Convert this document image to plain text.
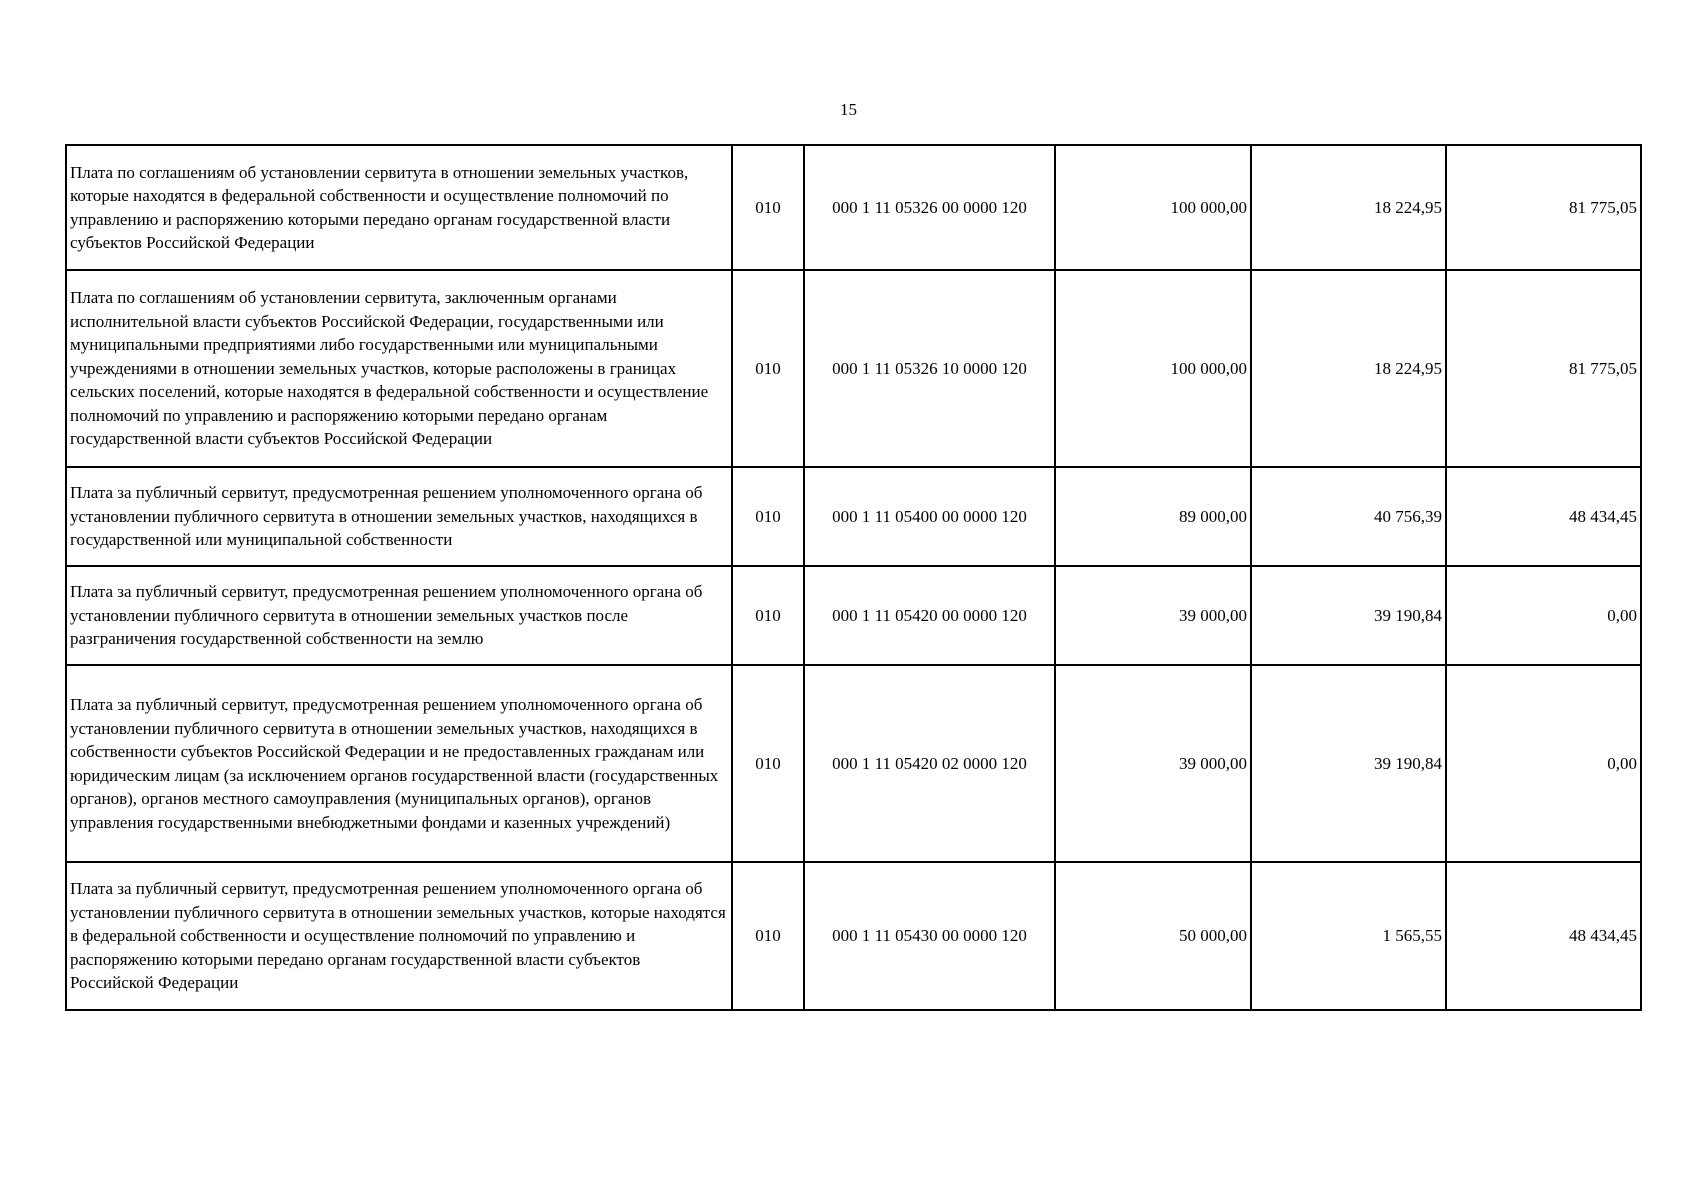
15
Плата по соглашениям об установлении сервитута в отношении земельных участков, которые находятся в федеральной собственности и осуществление полномочий по управлению и распоряжению которыми передано органам государственной власти субъектов Российской Федерации	010	000 1 11 05326 00 0000 120	100 000,00	18 224,95	81 775,05
Плата по соглашениям об установлении сервитута, заключенным органами исполнительной власти субъектов Российской Федерации, государственными или муниципальными предприятиями либо государственными или муниципальными учреждениями в отношении земельных участков, которые расположены в границах сельских поселений, которые находятся в федеральной собственности и осуществление полномочий по управлению и распоряжению которыми передано органам государственной власти субъектов Российской Федерации	010	000 1 11 05326 10 0000 120	100 000,00	18 224,95	81 775,05
Плата за публичный сервитут, предусмотренная решением уполномоченного органа об установлении публичного сервитута в отношении земельных участков, находящихся в государственной или муниципальной собственности	010	000 1 11 05400 00 0000 120	89 000,00	40 756,39	48 434,45
Плата за публичный сервитут, предусмотренная решением уполномоченного органа об установлении публичного сервитута в отношении земельных участков после разграничения государственной собственности на землю	010	000 1 11 05420 00 0000 120	39 000,00	39 190,84	0,00
Плата за публичный сервитут, предусмотренная решением уполномоченного органа об установлении публичного сервитута в отношении земельных участков, находящихся в собственности субъектов Российской Федерации и не предоставленных гражданам или юридическим лицам (за исключением органов государственной власти (государственных органов), органов местного самоуправления (муниципальных органов), органов управления государственными внебюджетными фондами и казенных учреждений)	010	000 1 11 05420 02 0000 120	39 000,00	39 190,84	0,00
Плата за публичный сервитут, предусмотренная решением уполномоченного органа об установлении публичного сервитута в отношении земельных участков, которые находятся в федеральной собственности и осуществление полномочий по управлению и распоряжению которыми передано органам государственной власти субъектов Российской Федерации	010	000 1 11 05430 00 0000 120	50 000,00	1 565,55	48 434,45
